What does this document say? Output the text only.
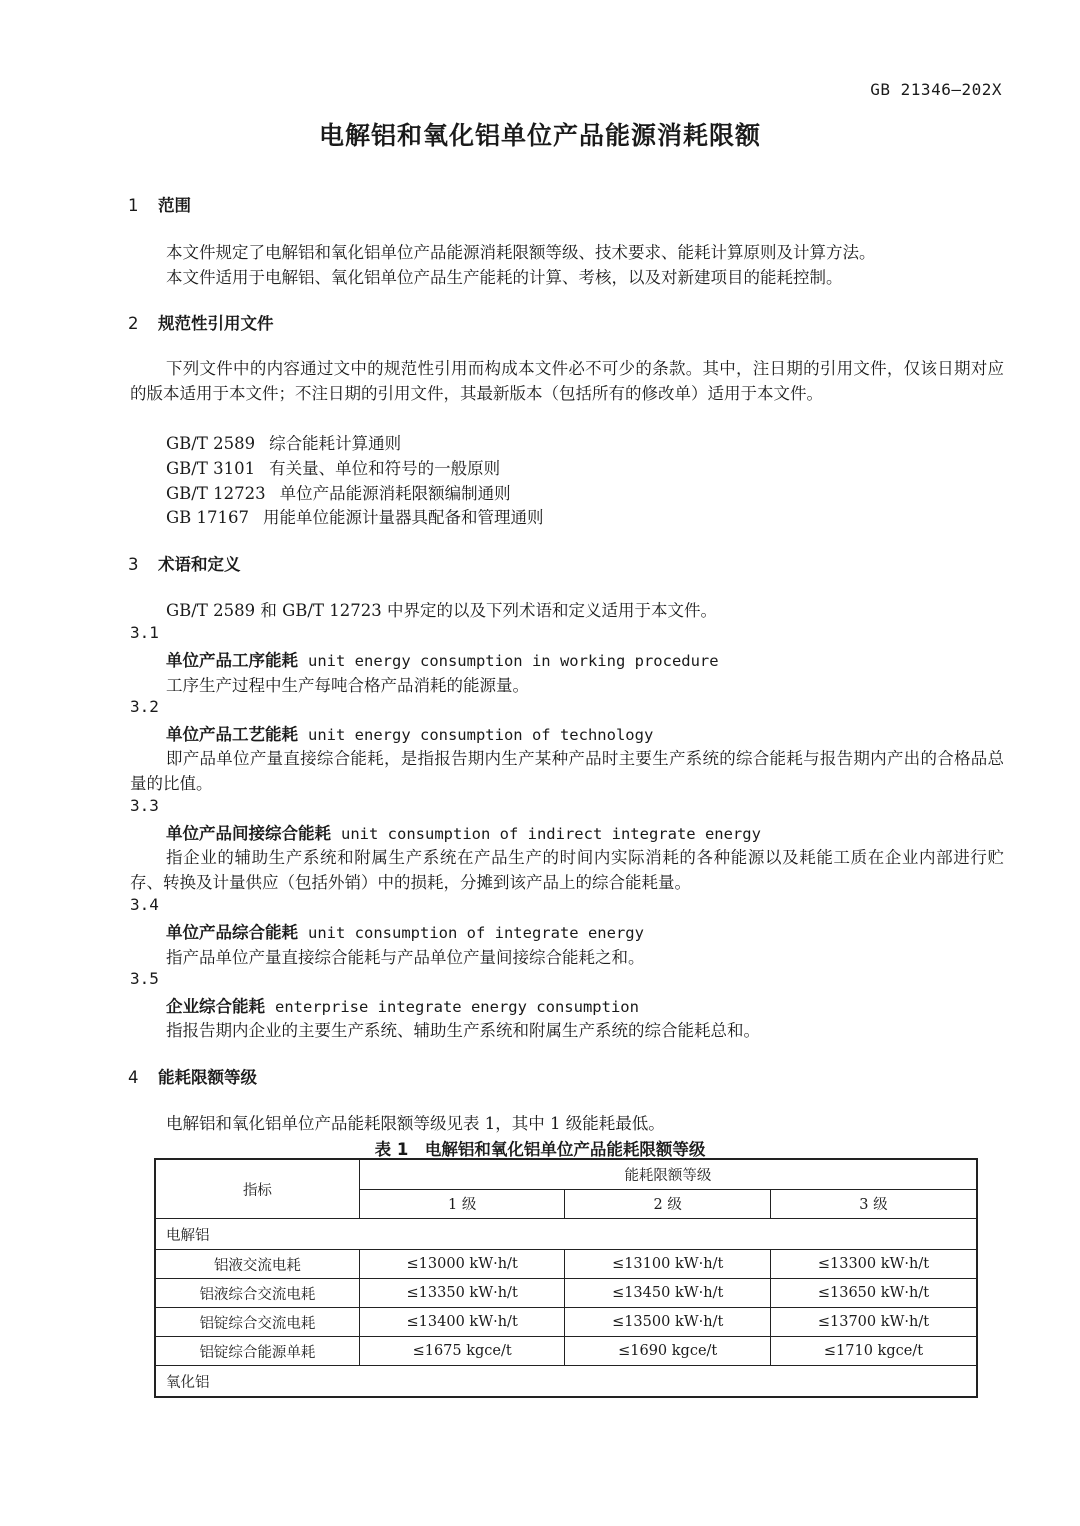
GB 21346—202X
电解铝和氧化铝单位产品能源消耗限额
1 范围
本文件规定了电解铝和氧化铝单位产品能源消耗限额等级、技术要求、能耗计算原则及计算方法。
本文件适用于电解铝、氧化铝单位产品生产能耗的计算、考核，以及对新建项目的能耗控制。
2 规范性引用文件
下列文件中的内容通过文中的规范性引用而构成本文件必不可少的条款。其中，注日期的引用文件，仅该日期对应的版本适用于本文件；不注日期的引用文件，其最新版本（包括所有的修改单）适用于本文件。
GB/T 2589 综合能耗计算通则
GB/T 3101 有关量、单位和符号的一般原则
GB/T 12723 单位产品能源消耗限额编制通则
GB 17167 用能单位能源计量器具配备和管理通则
3 术语和定义
GB/T 2589 和 GB/T 12723 中界定的以及下列术语和定义适用于本文件。
3.1
单位产品工序能耗 unit energy consumption in working procedure
工序生产过程中生产每吨合格产品消耗的能源量。
3.2
单位产品工艺能耗 unit energy consumption of technology
即产品单位产量直接综合能耗，是指报告期内生产某种产品时主要生产系统的综合能耗与报告期内产出的合格品总量的比值。
3.3
单位产品间接综合能耗 unit consumption of indirect integrate energy
指企业的辅助生产系统和附属生产系统在产品生产的时间内实际消耗的各种能源以及耗能工质在企业内部进行贮存、转换及计量供应（包括外销）中的损耗，分摊到该产品上的综合能耗量。
3.4
单位产品综合能耗 unit consumption of integrate energy
指产品单位产量直接综合能耗与产品单位产量间接综合能耗之和。
3.5
企业综合能耗 enterprise integrate energy consumption
指报告期内企业的主要生产系统、辅助生产系统和附属生产系统的综合能耗总和。
4 能耗限额等级
电解铝和氧化铝单位产品能耗限额等级见表 1，其中 1 级能耗最低。
表 1　电解铝和氧化铝单位产品能耗限额等级
指标	能耗限额等级		
	1 级	2 级	3 级
电解铝			
铝液交流电耗	≤13000 kW·h/t	≤13100 kW·h/t	≤13300 kW·h/t
铝液综合交流电耗	≤13350 kW·h/t	≤13450 kW·h/t	≤13650 kW·h/t
铝锭综合交流电耗	≤13400 kW·h/t	≤13500 kW·h/t	≤13700 kW·h/t
铝锭综合能源单耗	≤1675 kgce/t	≤1690 kgce/t	≤1710 kgce/t
氧化铝			
